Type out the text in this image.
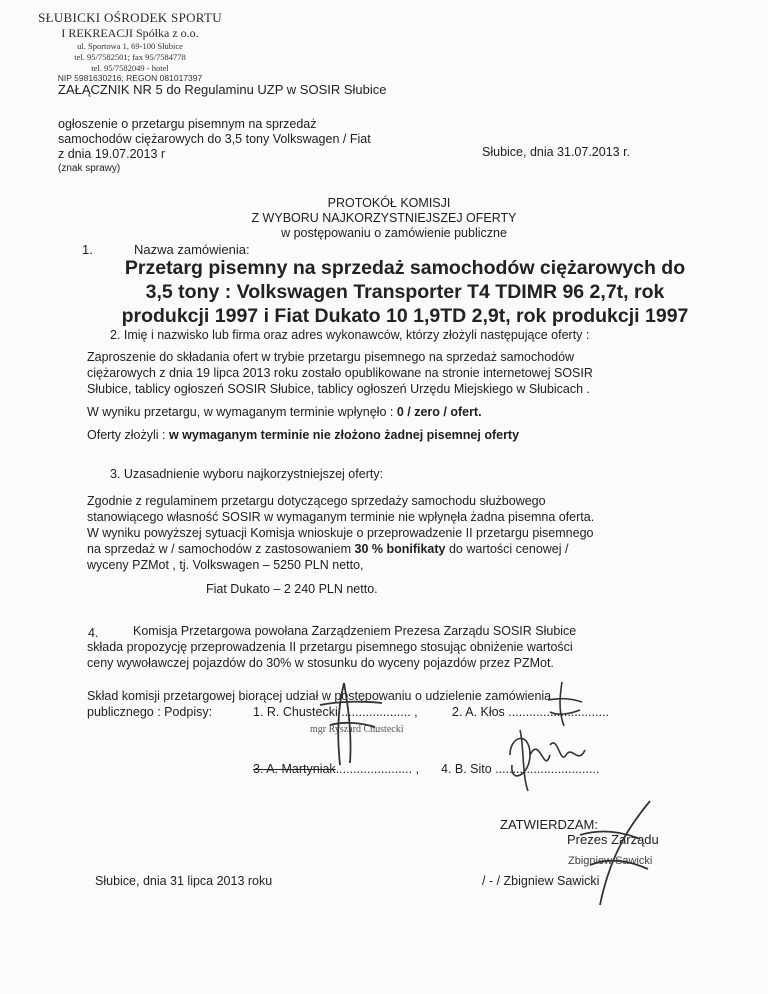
SŁUBICKI OŚRODEK SPORTU
I REKREACJI Spółka z o.o.
ul. Sportowa 1, 69-100 Słubice
tel. 95/7582501; fax 95/7584778
tel. 95/7582049 - hotel
NIP 5981630216; REGON 081017397
ZAŁĄCZNIK NR 5 do Regulaminu UZP w SOSIR Słubice
ogłoszenie o przetargu pisemnym na sprzedaż
samochodów ciężarowych do 3,5 tony Volkswagen / Fiat
z dnia 19.07.2013 r
(znak sprawy)
Słubice, dnia 31.07.2013 r.
PROTOKÓŁ KOMISJI
Z WYBORU NAJKORZYSTNIEJSZEJ OFERTY
w postępowaniu o zamówienie publiczne
1.	Nazwa zamówienia:
Przetarg pisemny na sprzedaż samochodów ciężarowych do
3,5 tony : Volkswagen Transporter T4 TDIMR 96 2,7t, rok
produkcji 1997 i Fiat Dukato 10 1,9TD 2,9t, rok produkcji 1997
2. Imię i nazwisko lub firma oraz adres wykonawców, którzy złożyli następujące oferty :
Zaproszenie do składania ofert w trybie przetargu pisemnego na sprzedaż samochodów
ciężarowych z dnia 19 lipca 2013 roku zostało opublikowane na stronie internetowej SOSIR
Słubice, tablicy ogłoszeń SOSIR Słubice, tablicy ogłoszeń Urzędu Miejskiego w Słubicach .
W wyniku przetargu, w wymaganym terminie wpłynęło : 0 / zero / ofert.
Oferty złożyli : w wymaganym terminie nie złożono żadnej pisemnej oferty
3. Uzasadnienie wyboru najkorzystniejszej oferty:
Zgodnie z regulaminem przetargu dotyczącego sprzedaży samochodu służbowego
stanowiącego własność SOSIR w wymaganym terminie nie wpłynęła żadna pisemna oferta.
W wyniku powyższej sytuacji Komisja wnioskuje o przeprowadzenie II przetargu pisemnego
na sprzedaż w / samochodów z zastosowaniem 30 % bonifikaty do wartości cenowej /
wyceny PZMot , tj. Volkswagen – 5250 PLN netto,
Fiat Dukato – 2 240 PLN netto.
4.	Komisja Przetargowa powołana Zarządzeniem Prezesa Zarządu SOSIR Słubice
składa propozycję przeprowadzenia II przetargu pisemnego stosując obniżenie wartości
ceny wywoławczej pojazdów do 30% w stosunku do wyceny pojazdów przez PZMot.
Skład komisji przetargowej biorącej udział w postępowaniu o udzielenie zamówienia
publicznego : Podpisy:	1. R. Chustecki .................... ,	2. A. Kłos .............................
mgr Ryszard Chustecki
3. A. Martyniak...................... , 4. B. Sito ..............................
ZATWIERDZAM:
Prezes Zarządu
Zbigniew Sawicki
/ - / Zbigniew Sawicki
Słubice, dnia 31 lipca 2013 roku
